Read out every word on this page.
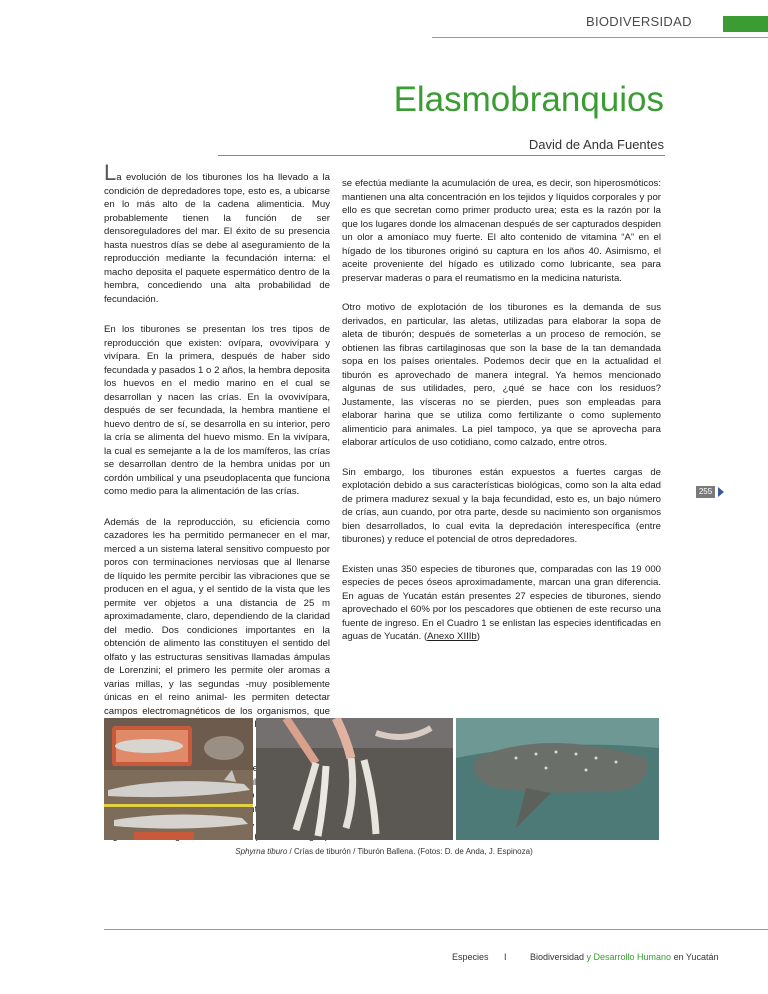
BIODIVERSIDAD
Elasmobranquios
David de Anda Fuentes

La evolución de los tiburones los ha llevado a la condición de depredadores tope, esto es, a ubicarse en lo más alto de la cadena alimenticia. Muy probablemente tienen la función de ser densoreguladores del mar. El éxito de su presencia hasta nuestros días se debe al aseguramiento de la reproducción mediante la fecundación interna: el macho deposita el paquete espermático dentro de la hembra, concediendo una alta probabilidad de fecundación.

En los tiburones se presentan los tres tipos de reproducción que existen: ovípara, ovovivípara y vivípara. En la primera, después de haber sido fecundada y pasados 1 o 2 años, la hembra deposita los huevos en el medio marino en el cual se desarrollan y nacen las crías. En la ovovivípara, después de ser fecundada, la hembra mantiene el huevo dentro de sí, se desarrolla en su interior, pero la cría se alimenta del huevo mismo. En la vivípara, la cual es semejante a la de los mamíferos, las crías se desarrollan dentro de la hembra unidas por un cordón umbilical y una pseudoplacenta que funciona como medio para la alimentación de las crías.

Además de la reproducción, su eficiencia como cazadores les ha permitido permanecer en el mar, merced a un sistema lateral sensitivo compuesto por poros con terminaciones nerviosas que al llenarse de líquido les permite percibir las vibraciones que se producen en el agua, y el sentido de la vista que les permite ver objetos a una distancia de 25 m aproximadamente, claro, dependiendo de la claridad del medio. Dos condiciones importantes en la obtención de alimento las constituyen el sentido del olfato y las estructuras sensitivas llamadas ámpulas de Lorenzini; el primero les permite oler aromas a varias millas, y las segundas -muy posiblemente únicas en el reino animal- les permiten detectar campos electromagnéticos de los organismos, que

se efectúa mediante la acumulación de urea, es decir, son hiperosmóticos: mantienen una alta concentración en los tejidos y líquidos corporales y por ello es que secretan como primer producto urea; esta es la razón por la que los lugares donde los almacenan después de ser capturados despiden un olor a amoniaco muy fuerte. El alto contenido de vitamina “A” en el hígado de los tiburones originó su captura en los años 40. Asimismo, el aceite proveniente del hígado es utilizado como lubricante, sea para preservar maderas o para el reumatismo en la medicina naturista.

Otro motivo de explotación de los tiburones es la demanda de sus derivados, en particular, las aletas, utilizadas para elaborar la sopa de aleta de tiburón; después de someterlas a un proceso de remoción, se obtienen las fibras cartilaginosas que son la base de la tan demandada sopa en los países orientales. Podemos decir que en la actualidad el tiburón es aprovechado de manera integral. Ya hemos mencionado algunas de sus utilidades, pero, ¿qué se hace con los residuos? Justamente, las vísceras no se pierden, pues son empleadas para elaborar harina que se utiliza como fertilizante o como suplemento alimenticio para animales. La piel tampoco, ya que se aprovecha para elaborar artículos de uso cotidiano, como calzado, entre otros.

Sin embargo, los tiburones están expuestos a fuertes cargas de explotación debido a sus características biológicas, como son la alta edad de primera madurez sexual y la baja fecundidad, esto es, un bajo número de crías, aun cuando, por otra parte, desde su nacimiento son organismos bien desarrollados, lo cual evita la depredación interespecífica (entre tiburones) y reduce el potencial de otros depredadores.

Existen unas 350 especies de tiburones que, comparadas con las 19 000 especies de peces óseos aproximadamente, marcan una gran diferencia. En aguas de Yucatán están presentes 27 especies de tiburones, siendo aprovechado el 60% por los pescadores que obtienen de este recurso una fuente de ingreso. En el Cuadro 1 se enlistan las especies identificadas en aguas de Yucatán. (Anexo XIIIb)

255
Sphyrna tiburo / Crías de tiburón / Tiburón Ballena. (Fotos: D. de Anda, J. Espinoza)
Especies I	Biodiversidad y Desarrollo Humano en Yucatán
